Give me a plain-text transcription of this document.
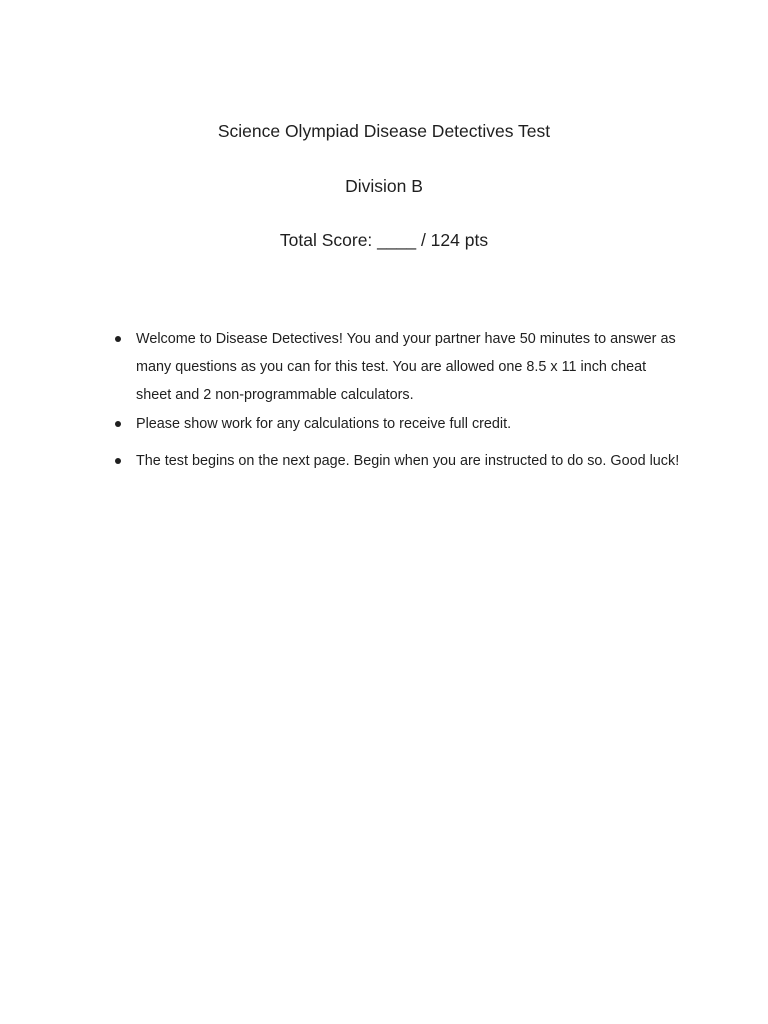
Science Olympiad Disease Detectives Test
Division B
Total Score: ____ / 124 pts
Welcome to Disease Detectives! You and your partner have 50 minutes to answer as many questions as you can for this test. You are allowed one 8.5 x 11 inch cheat sheet and 2 non-programmable calculators.
Please show work for any calculations to receive full credit.
The test begins on the next page. Begin when you are instructed to do so. Good luck!
